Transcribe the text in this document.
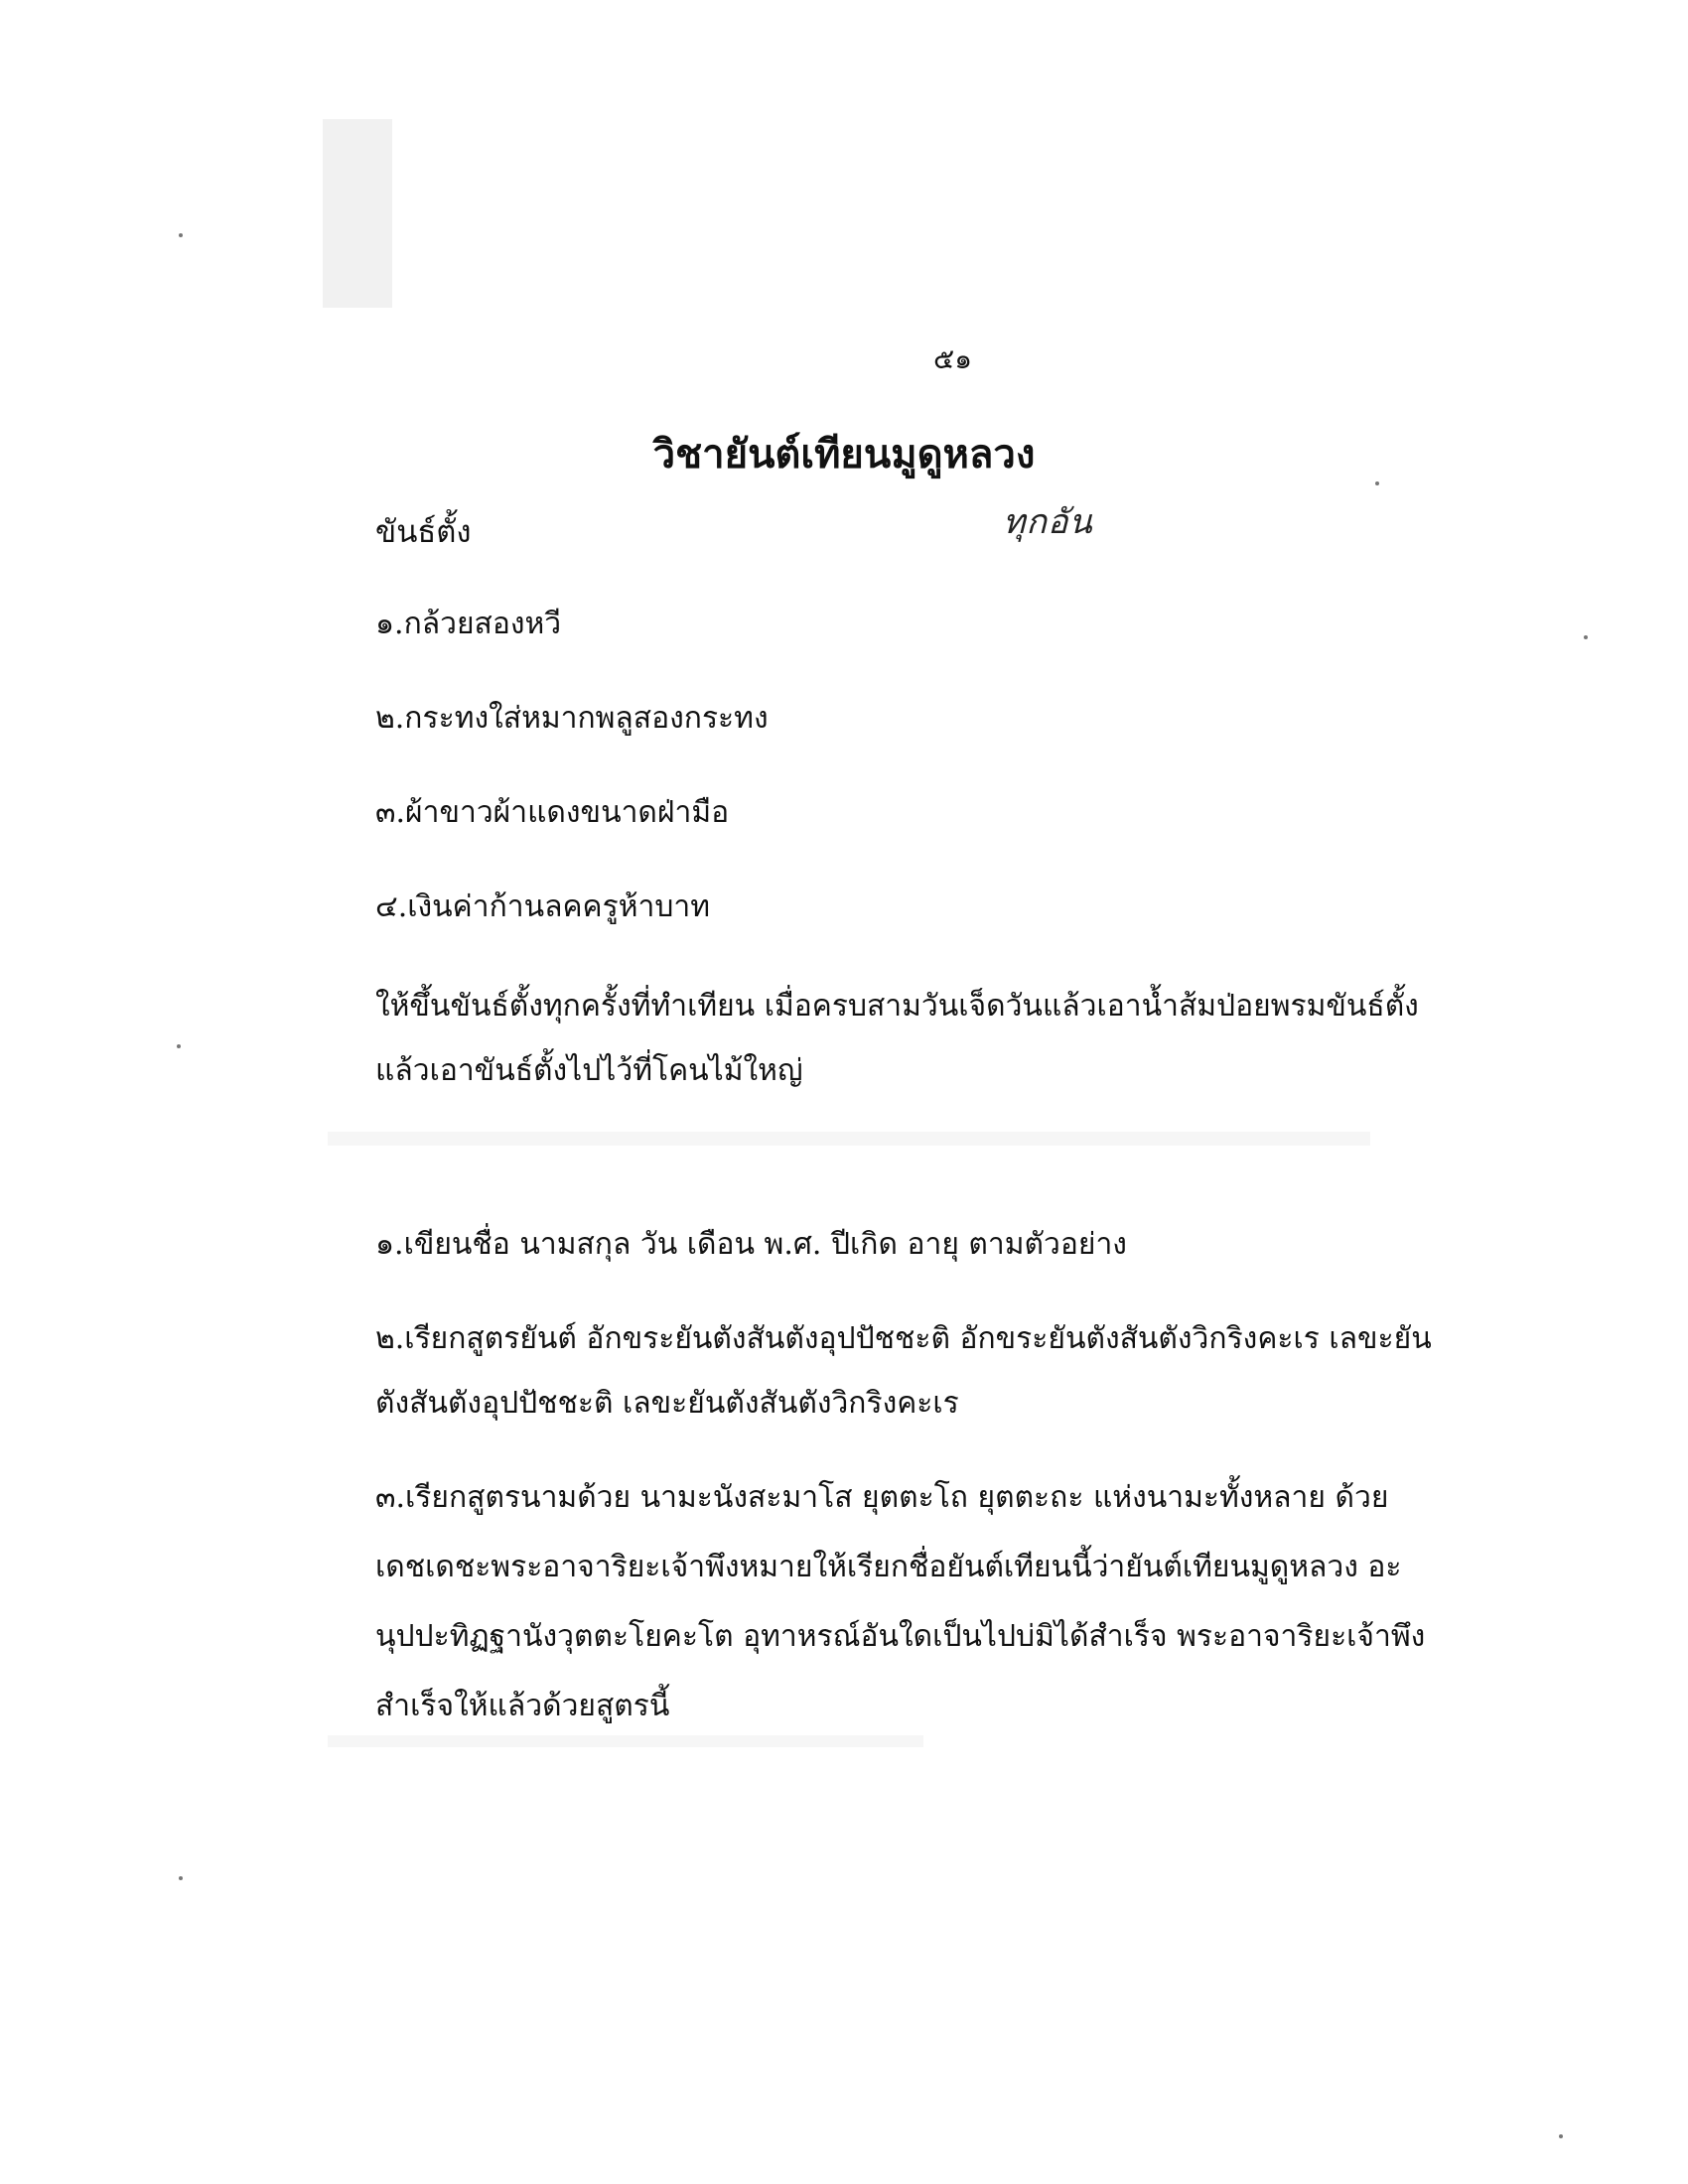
๕๑
วิชายันต์เทียนมูดูหลวง
ขันธ์ตั้ง	ทุกอัน
๑.กล้วยสองหวี
๒.กระทงใส่หมากพลูสองกระทง
๓.ผ้าขาวผ้าแดงขนาดฝ่ามือ
๔.เงินค่าก้านลคครูห้าบาท
ให้ขึ้นขันธ์ตั้งทุกครั้งที่ทำเทียน เมื่อครบสามวันเจ็ดวันแล้วเอาน้ำส้มป่อยพรมขันธ์ตั้ง
แล้วเอาขันธ์ตั้งไปไว้ที่โคนไม้ใหญ่
๑.เขียนชื่อ นามสกุล วัน เดือน พ.ศ. ปีเกิด อายุ ตามตัวอย่าง
๒.เรียกสูตรยันต์ อักขระยันตังสันตังอุปปัชชะติ อักขระยันตังสันตังวิกริงคะเร เลขะยัน
ตังสันตังอุปปัชชะติ เลขะยันตังสันตังวิกริงคะเร
๓.เรียกสูตรนามด้วย นามะนังสะมาโส ยุตตะโถ ยุตตะถะ แห่งนามะทั้งหลาย ด้วย
เดชเดชะพระอาจาริยะเจ้าพึงหมายให้เรียกชื่อยันต์เทียนนี้ว่ายันต์เทียนมูดูหลวง อะ
นุปปะทิฏฐานังวุตตะโยคะโต อุทาหรณ์อันใดเป็นไปบ่มิได้สำเร็จ พระอาจาริยะเจ้าพึง
สำเร็จให้แล้วด้วยสูตรนี้
